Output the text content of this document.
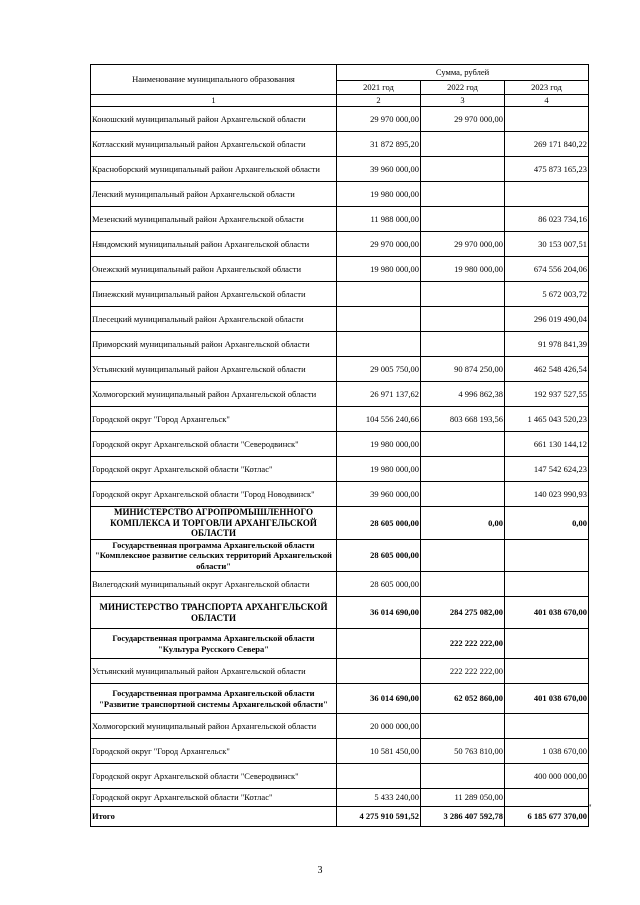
Наименование муниципального образования	Сумма, рублей		
	2021 год	2022 год	2023 год
1	2	3	4
Коношский муниципальный район Архангельской области	29 970 000,00	29 970 000,00	
Котласский муниципальный район Архангельской области	31 872 895,20		269 171 840,22
Красноборский муниципальный район Архангельской области	39 960 000,00		475 873 165,23
Ленский муниципальный район Архангельской области	19 980 000,00		
Мезенский муниципальный район Архангельской области	11 988 000,00		86 023 734,16
Няндомский муниципальный район Архангельской области	29 970 000,00	29 970 000,00	30 153 007,51
Онежский муниципальный район Архангельской области	19 980 000,00	19 980 000,00	674 556 204,06
Пинежский муниципальный район Архангельской области			5 672 003,72
Плесецкий муниципальный район Архангельской области			296 019 490,04
Приморский муниципальный район Архангельской области			91 978 841,39
Устьянский муниципальный район Архангельской области	29 005 750,00	90 874 250,00	462 548 426,54
Холмогорский муниципальный район Архангельской области	26 971 137,62	4 996 862,38	192 937 527,55
Городской округ "Город Архангельск"	104 556 240,66	803 668 193,56	1 465 043 520,23
Городской округ Архангельской области "Северодвинск"	19 980 000,00		661 130 144,12
Городской округ Архангельской области "Котлас"	19 980 000,00		147 542 624,23
Городской округ Архангельской области "Город Новодвинск"	39 960 000,00		140 023 990,93
МИНИСТЕРСТВО АГРОПРОМЫШЛЕННОГО КОМПЛЕКСА И ТОРГОВЛИ АРХАНГЕЛЬСКОЙ ОБЛАСТИ	28 605 000,00	0,00	0,00
Государственная программа Архангельской области "Комплексное развитие сельских территорий Архангельской области"	28 605 000,00		
Вилегодский муниципальный округ Архангельской области	28 605 000,00		
МИНИСТЕРСТВО ТРАНСПОРТА АРХАНГЕЛЬСКОЙ ОБЛАСТИ	36 014 690,00	284 275 082,00	401 038 670,00
Государственная программа Архангельской области "Культура Русского Севера"		222 222 222,00	
Устьянский муниципальный район Архангельской области		222 222 222,00	
Государственная программа Архангельской области "Развитие транспортной системы Архангельской области"	36 014 690,00	62 052 860,00	401 038 670,00
Холмогорский муниципальный район Архангельской области	20 000 000,00		
Городской округ "Город Архангельск"	10 581 450,00	50 763 810,00	1 038 670,00
Городской округ Архангельской области "Северодвинск"			400 000 000,00
Городской округ Архангельской области "Котлас"	5 433 240,00	11 289 050,00	
Итого	4 275 910 591,52	3 286 407 592,78	6 185 677 370,00
"
3
